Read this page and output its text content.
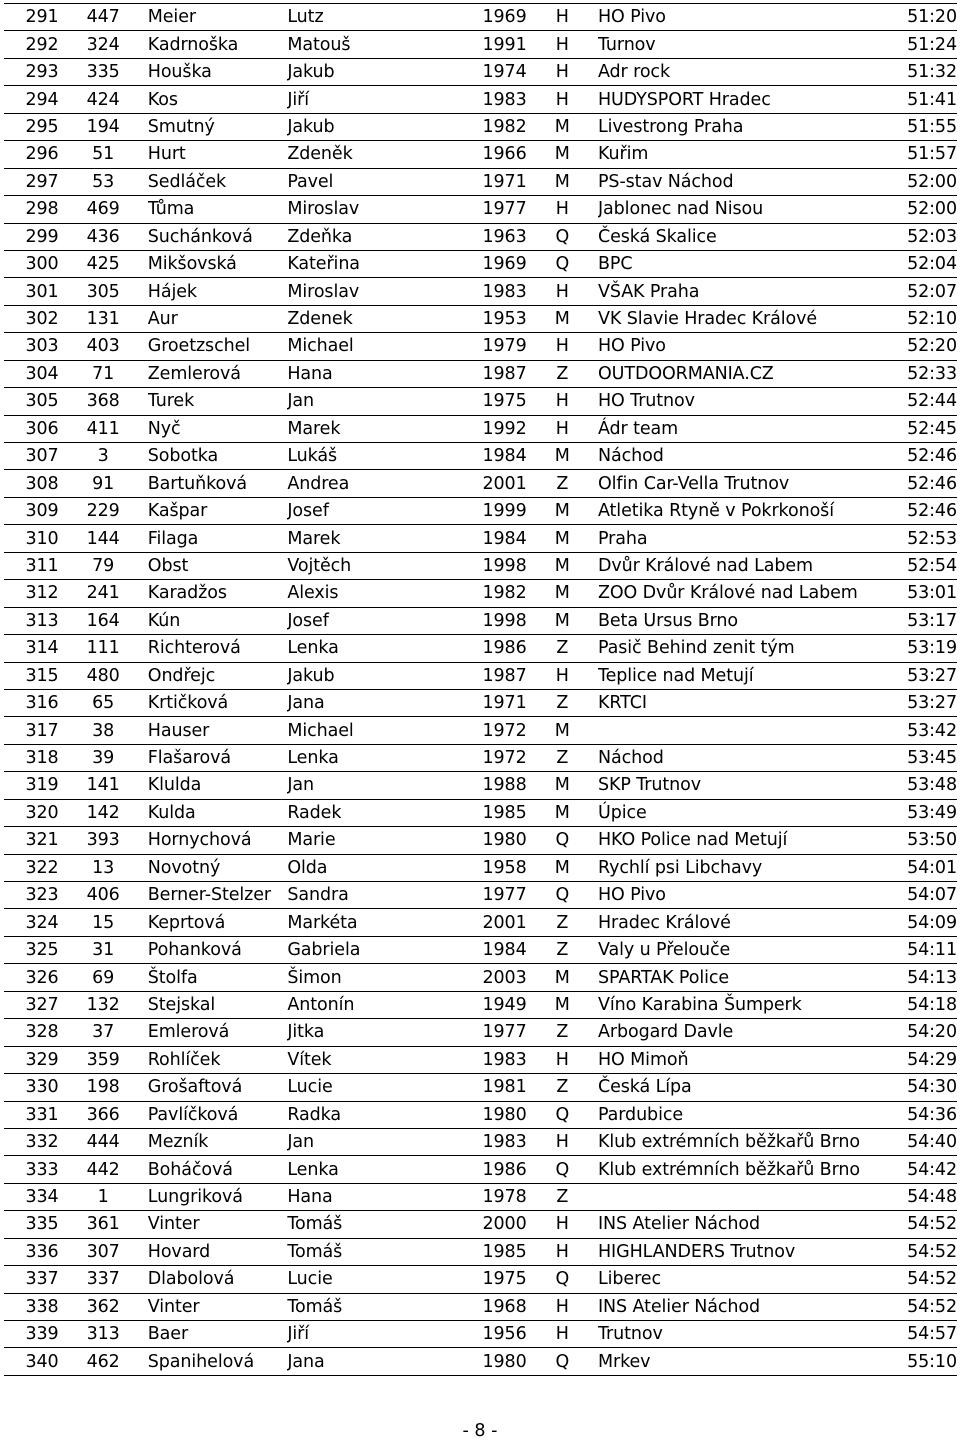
291	447	Meier	Lutz	1969	H	HO Pivo	51:20
292	324	Kadrnoška	Matouš	1991	H	Turnov	51:24
293	335	Houška	Jakub	1974	H	Adr rock	51:32
294	424	Kos	Jiří	1983	H	HUDYSPORT Hradec	51:41
295	194	Smutný	Jakub	1982	M	Livestrong Praha	51:55
296	51	Hurt	Zdeněk	1966	M	Kuřim	51:57
297	53	Sedláček	Pavel	1971	M	PS-stav Náchod	52:00
298	469	Tůma	Miroslav	1977	H	Jablonec nad Nisou	52:00
299	436	Suchánková	Zdeňka	1963	Q	Česká Skalice	52:03
300	425	Mikšovská	Kateřina	1969	Q	BPC	52:04
301	305	Hájek	Miroslav	1983	H	VŠAK Praha	52:07
302	131	Aur	Zdenek	1953	M	VK Slavie Hradec Králové	52:10
303	403	Groetzschel	Michael	1979	H	HO Pivo	52:20
304	71	Zemlerová	Hana	1987	Z	OUTDOORMANIA.CZ	52:33
305	368	Turek	Jan	1975	H	HO Trutnov	52:44
306	411	Nyč	Marek	1992	H	Ádr team	52:45
307	3	Sobotka	Lukáš	1984	M	Náchod	52:46
308	91	Bartuňková	Andrea	2001	Z	Olfin Car-Vella Trutnov	52:46
309	229	Kašpar	Josef	1999	M	Atletika Rtyně v Pokrkonoší	52:46
310	144	Filaga	Marek	1984	M	Praha	52:53
311	79	Obst	Vojtěch	1998	M	Dvůr Králové nad Labem	52:54
312	241	Karadžos	Alexis	1982	M	ZOO Dvůr Králové nad Labem	53:01
313	164	Kún	Josef	1998	M	Beta Ursus Brno	53:17
314	111	Richterová	Lenka	1986	Z	Pasič Behind zenit tým	53:19
315	480	Ondřejc	Jakub	1987	H	Teplice nad Metují	53:27
316	65	Krtičková	Jana	1971	Z	KRTCI	53:27
317	38	Hauser	Michael	1972	M		53:42
318	39	Flašarová	Lenka	1972	Z	Náchod	53:45
319	141	Klulda	Jan	1988	M	SKP Trutnov	53:48
320	142	Kulda	Radek	1985	M	Úpice	53:49
321	393	Hornychová	Marie	1980	Q	HKO Police nad Metují	53:50
322	13	Novotný	Olda	1958	M	Rychlí psi Libchavy	54:01
323	406	Berner-Stelzer	Sandra	1977	Q	HO Pivo	54:07
324	15	Keprtová	Markéta	2001	Z	Hradec Králové	54:09
325	31	Pohanková	Gabriela	1984	Z	Valy u Přelouče	54:11
326	69	Štolfa	Šimon	2003	M	SPARTAK Police	54:13
327	132	Stejskal	Antonín	1949	M	Víno Karabina Šumperk	54:18
328	37	Emlerová	Jitka	1977	Z	Arbogard Davle	54:20
329	359	Rohlíček	Vítek	1983	H	HO Mimoň	54:29
330	198	Grošaftová	Lucie	1981	Z	Česká Lípa	54:30
331	366	Pavlíčková	Radka	1980	Q	Pardubice	54:36
332	444	Mezník	Jan	1983	H	Klub extrémních běžkařů Brno	54:40
333	442	Boháčová	Lenka	1986	Q	Klub extrémních běžkařů Brno	54:42
334	1	Lungriková	Hana	1978	Z		54:48
335	361	Vinter	Tomáš	2000	H	INS Atelier Náchod	54:52
336	307	Hovard	Tomáš	1985	H	HIGHLANDERS Trutnov	54:52
337	337	Dlabolová	Lucie	1975	Q	Liberec	54:52
338	362	Vinter	Tomáš	1968	H	INS Atelier Náchod	54:52
339	313	Baer	Jiří	1956	H	Trutnov	54:57
340	462	Spanihelová	Jana	1980	Q	Mrkev	55:10
- 8 -
